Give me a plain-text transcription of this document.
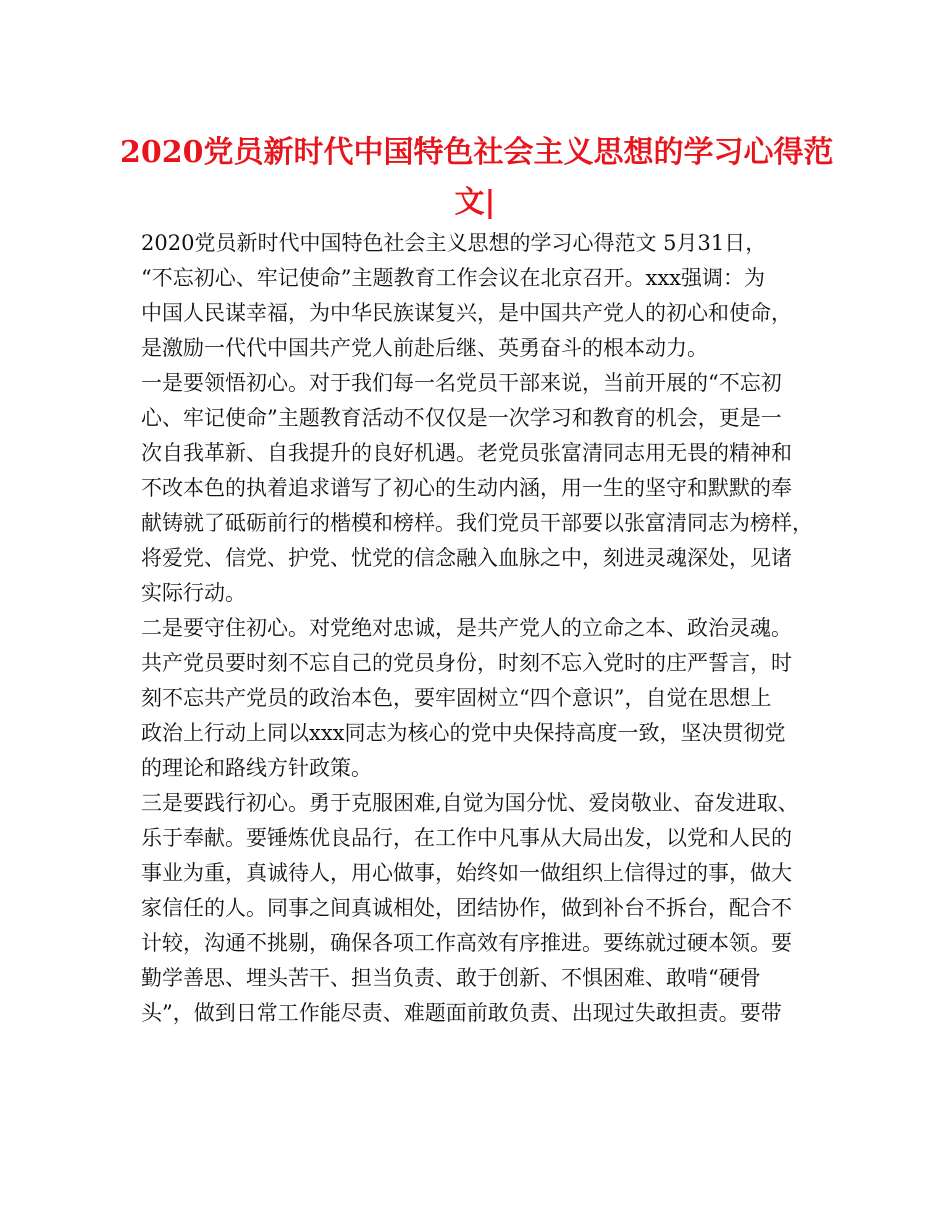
2020党员新时代中国特色社会主义思想的学习心得范
文|

2020党员新时代中国特色社会主义思想的学习心得范文 5月31日，
“不忘初心、牢记使命”主题教育工作会议在北京召开。xxx强调：为
中国人民谋幸福，为中华民族谋复兴，是中国共产党人的初心和使命，
是激励一代代中国共产党人前赴后继、英勇奋斗的根本动力。

一是要领悟初心。对于我们每一名党员干部来说，当前开展的“不忘初
心、牢记使命”主题教育活动不仅仅是一次学习和教育的机会，更是一
次自我革新、自我提升的良好机遇。老党员张富清同志用无畏的精神和
不改本色的执着追求谱写了初心的生动内涵，用一生的坚守和默默的奉
献铸就了砥砺前行的楷模和榜样。我们党员干部要以张富清同志为榜样，
将爱党、信党、护党、忧党的信念融入血脉之中，刻进灵魂深处，见诸
实际行动。

二是要守住初心。对党绝对忠诚，是共产党人的立命之本、政治灵魂。
共产党员要时刻不忘自己的党员身份，时刻不忘入党时的庄严誓言，时
刻不忘共产党员的政治本色，要牢固树立“四个意识”，自觉在思想上
政治上行动上同以xxx同志为核心的党中央保持高度一致，坚决贯彻党
的理论和路线方针政策。

三是要践行初心。勇于克服困难,自觉为国分忧、爱岗敬业、奋发进取、
乐于奉献。要锤炼优良品行，在工作中凡事从大局出发，以党和人民的
事业为重，真诚待人，用心做事，始终如一做组织上信得过的事，做大
家信任的人。同事之间真诚相处，团结协作，做到补台不拆台，配合不
计较，沟通不挑剔，确保各项工作高效有序推进。要练就过硬本领。要
勤学善思、埋头苦干、担当负责、敢于创新、不惧困难、敢啃“硬骨
头”，做到日常工作能尽责、难题面前敢负责、出现过失敢担责。要带
